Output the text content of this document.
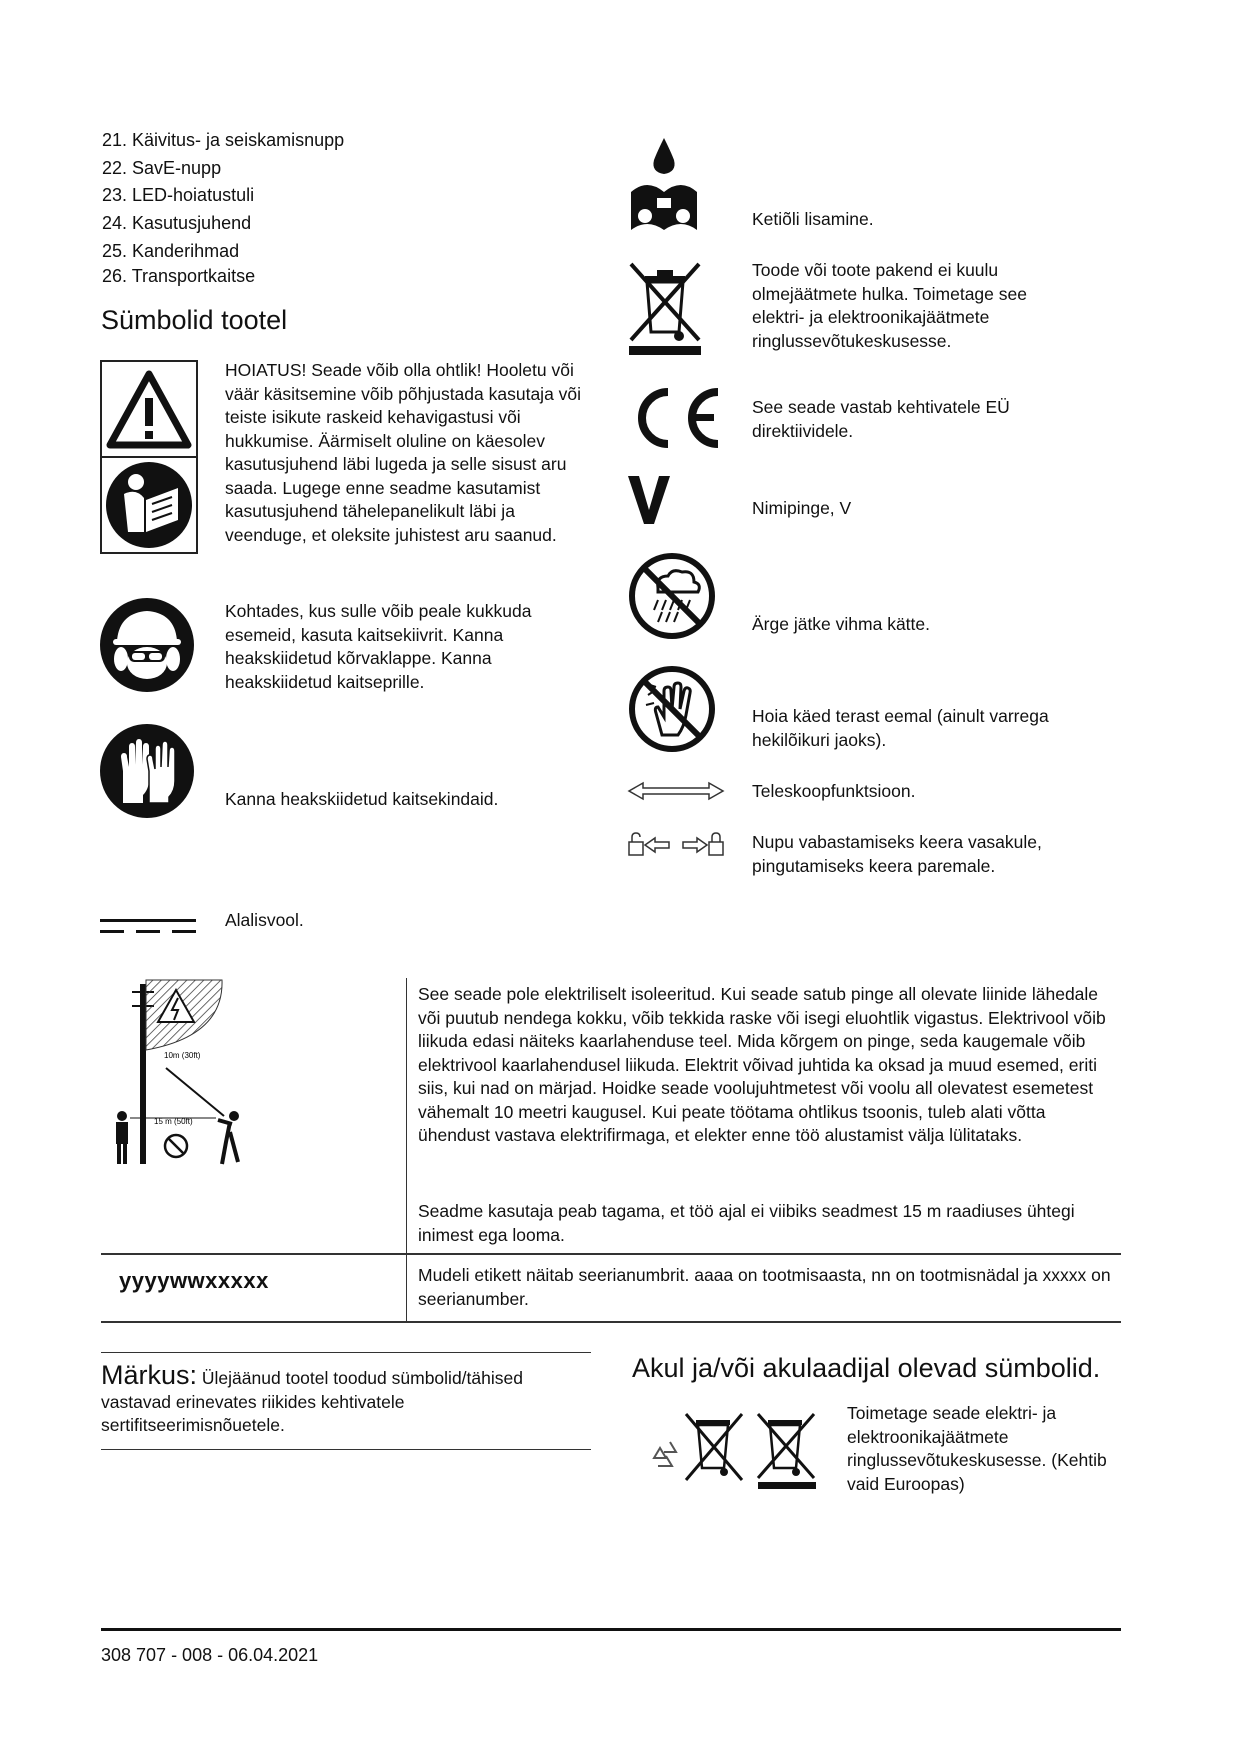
21. Käivitus- ja seiskamisnupp
22. SavE-nupp
23. LED-hoiatustuli
24. Kasutusjuhend
25. Kanderihmad
26. Transportkaitse
Sümbolid tootel
HOIATUS! Seade võib olla ohtlik! Hooletu või väär käsitsemine võib põhjustada kasutaja või teiste isikute raskeid kehavigastusi või hukkumise. Äärmiselt oluline on käesolev kasutusjuhend läbi lugeda ja selle sisust aru saada. Lugege enne seadme kasutamist kasutusjuhend tähelepanelikult läbi ja veenduge, et oleksite juhistest aru saanud.
Kohtades, kus sulle võib peale kukkuda esemeid, kasuta kaitsekiivrit. Kanna heakskiidetud kõrvaklappe. Kanna heakskiidetud kaitseprille.
Kanna heakskiidetud kaitsekindaid.
Alalisvool.
Ketiõli lisamine.
Toode või toote pakend ei kuulu olmejäätmete hulka. Toimetage see elektri- ja elektroonikajäätmete ringlussevõtukeskusesse.
See seade vastab kehtivatele EÜ direktiividele.
Nimipinge, V
Ärge jätke vihma kätte.
Hoia käed terast eemal (ainult varrega hekilõikuri jaoks).
Teleskoopfunktsioon.
Nupu vabastamiseks keera vasakule, pingutamiseks keera paremale.
10m (30ft)
15 m (50ft)
See seade pole elektriliselt isoleeritud. Kui seade satub pinge all olevate liinide lähedale või puutub nendega kokku, võib tekkida raske või isegi eluohtlik vigastus. Elektrivool võib liikuda edasi näiteks kaarlahenduse teel. Mida kõrgem on pinge, seda kaugemale võib elektrivool kaarlahendusel liikuda. Elektrit võivad juhtida ka oksad ja muud esemed, eriti siis, kui nad on märjad. Hoidke seade voolujuhtmetest või voolu all olevatest esemetest vähemalt 10 meetri kaugusel. Kui peate töötama ohtlikus tsoonis, tuleb alati võtta ühendust vastava elektrifirmaga, et elekter enne töö alustamist välja lülitataks.
Seadme kasutaja peab tagama, et töö ajal ei viibiks seadmest 15 m raadiuses ühtegi inimest ega looma.
yyyywwxxxxx	Mudeli etikett näitab seerianumbrit. aaaa on tootmisaasta, nn on tootmisnädal ja xxxxx on seerianumber.
Märkus: Ülejäänud tootel toodud sümbolid/tähised vastavad erinevates riikides kehtivatele sertifitseerimisnõuetele.
Akul ja/või akulaadijal olevad sümbolid.
Toimetage seade elektri- ja elektroonikajäätmete ringlussevõtukeskusesse. (Kehtib vaid Euroopas)
308 707 - 008 - 06.04.2021
